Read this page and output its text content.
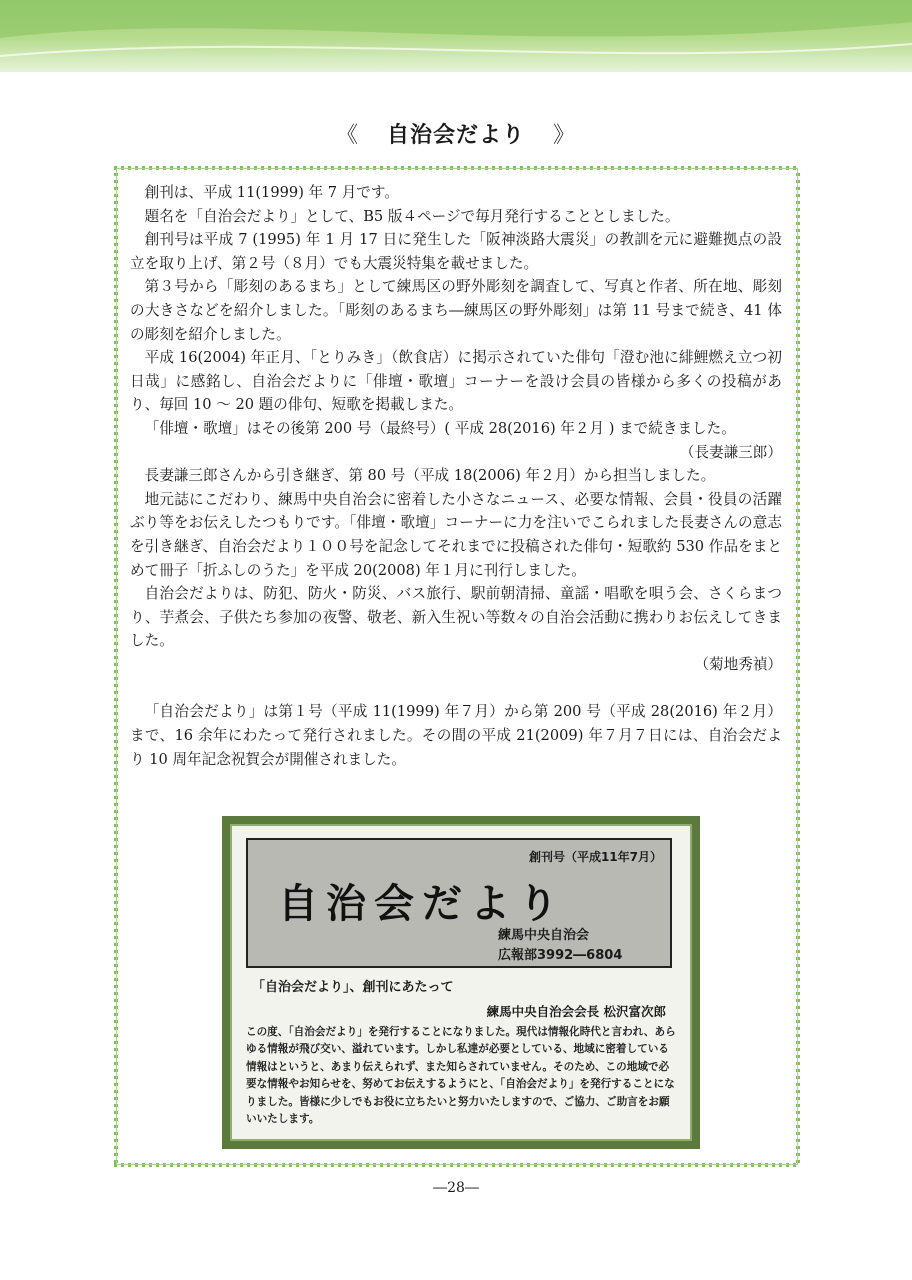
《 自治会だより 》

創刊は、平成 11(1999) 年 7 月です。

題名を「自治会だより」として、B5 版４ページで毎月発行することとしました。

創刊号は平成 7 (1995) 年 1 月 17 日に発生した「阪神淡路大震災」の教訓を元に避難拠点の設立を取り上げ、第２号（８月）でも大震災特集を載せました。

第３号から「彫刻のあるまち」として練馬区の野外彫刻を調査して、写真と作者、所在地、彫刻の大きさなどを紹介しました。「彫刻のあるまち―練馬区の野外彫刻」は第 11 号まで続き、41 体の彫刻を紹介しました。

平成 16(2004) 年正月、「とりみき」（飲食店）に掲示されていた俳句「澄む池に緋鯉燃え立つ初日哉」に感銘し、自治会だよりに「俳壇・歌壇」コーナーを設け会員の皆様から多くの投稿があり、毎回 10 ～ 20 題の俳句、短歌を掲載しまた。

「俳壇・歌壇」はその後第 200 号（最終号）( 平成 28(2016) 年２月 ) まで続きました。

（長妻謙三郎）

長妻謙三郎さんから引き継ぎ、第 80 号（平成 18(2006) 年２月）から担当しました。

地元誌にこだわり、練馬中央自治会に密着した小さなニュース、必要な情報、会員・役員の活躍ぶり等をお伝えしたつもりです。「俳壇・歌壇」コーナーに力を注いでこられました長妻さんの意志を引き継ぎ、自治会だより１００号を記念してそれまでに投稿された俳句・短歌約 530 作品をまとめて冊子「折ふしのうた」を平成 20(2008) 年１月に刊行しました。

自治会だよりは、防犯、防火・防災、バス旅行、駅前朝清掃、童謡・唱歌を唄う会、さくらまつり、芋煮会、子供たち参加の夜警、敬老、新入生祝い等数々の自治会活動に携わりお伝えしてきました。

（菊地秀禎）

「自治会だより」は第１号（平成 11(1999) 年７月）から第 200 号（平成 28(2016) 年２月）まで、16 余年にわたって発行されました。その間の平成 21(2009) 年７月７日には、自治会だより 10 周年記念祝賀会が開催されました。

創刊号（平成11年7月）
自治会だより
練馬中央自治会
広報部3992―6804
「自治会だより」、創刊にあたって
練馬中央自治会会長 松沢富次郎
この度、「自治会だより」を発行することになりました。現代は情報化時代と言われ、あらゆる情報が飛び交い、溢れています。しかし私達が必要としている、地域に密着している情報はというと、あまり伝えられず、また知らされていません。そのため、この地域で必要な情報やお知らせを、努めてお伝えするようにと、「自治会だより」を発行することになりました。皆様に少しでもお役に立ちたいと努力いたしますので、ご協力、ご助言をお願いいたします。
―28―
